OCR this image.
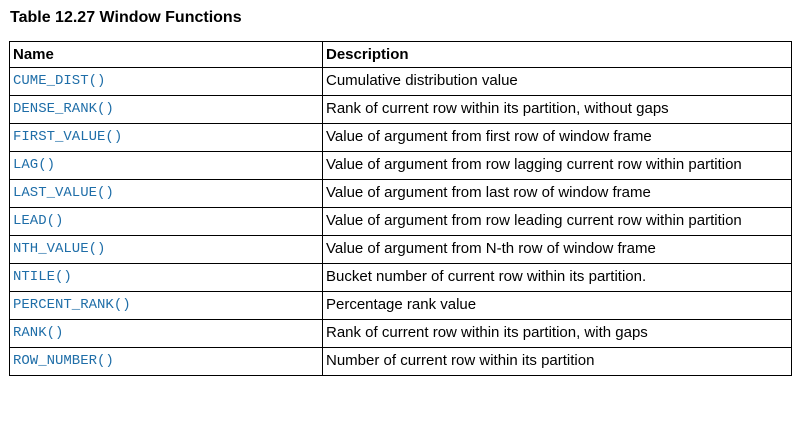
Table 12.27 Window Functions
Name	Description
CUME_DIST()	Cumulative distribution value
DENSE_RANK()	Rank of current row within its partition, without gaps
FIRST_VALUE()	Value of argument from first row of window frame
LAG()	Value of argument from row lagging current row within partition
LAST_VALUE()	Value of argument from last row of window frame
LEAD()	Value of argument from row leading current row within partition
NTH_VALUE()	Value of argument from N-th row of window frame
NTILE()	Bucket number of current row within its partition.
PERCENT_RANK()	Percentage rank value
RANK()	Rank of current row within its partition, with gaps
ROW_NUMBER()	Number of current row within its partition
